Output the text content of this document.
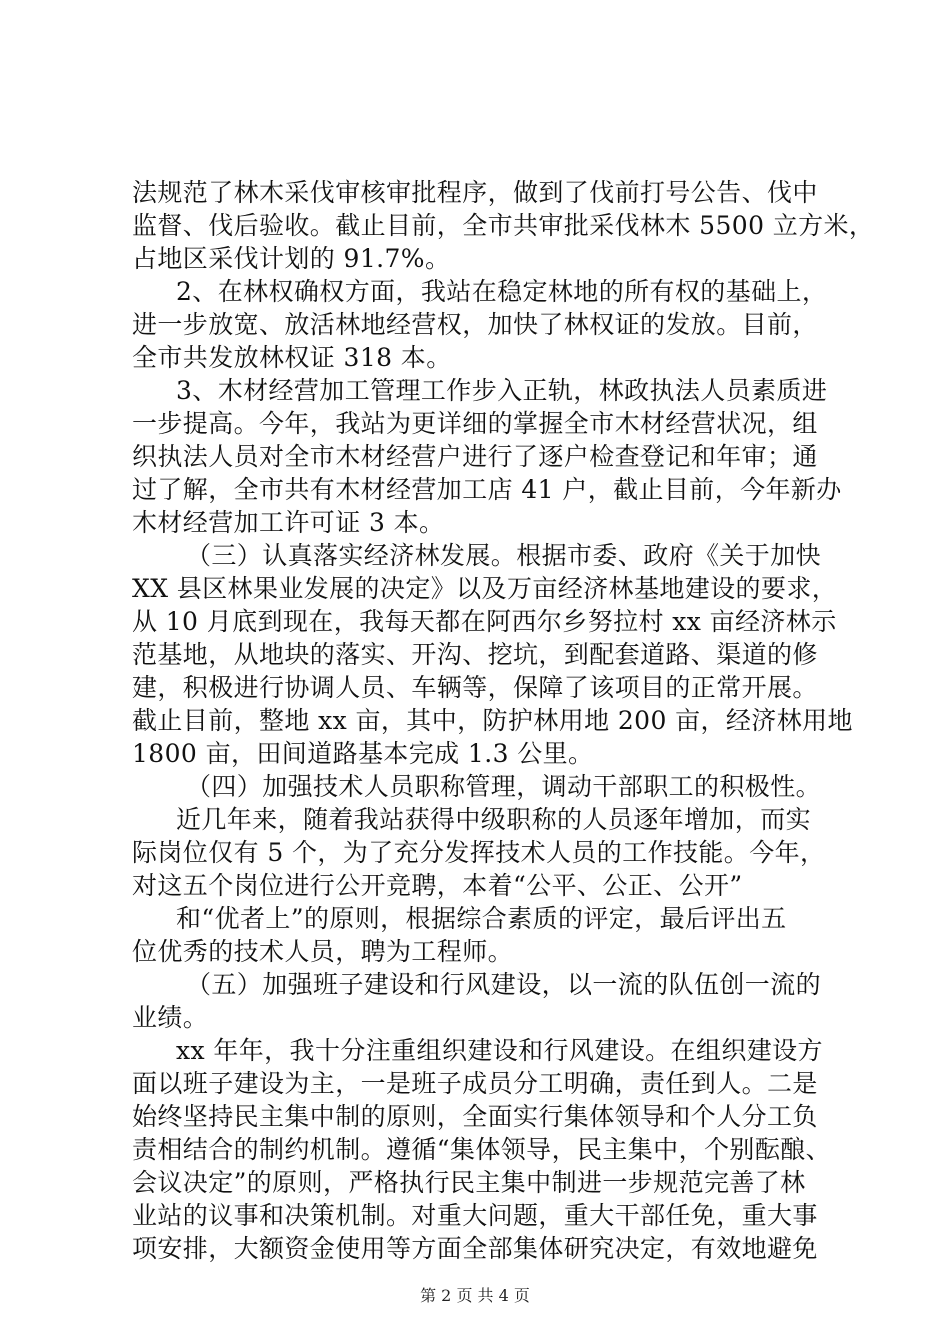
法规范了林木采伐审核审批程序，做到了伐前打号公告、伐中
监督、伐后验收。截止目前，全市共审批采伐林木 5500 立方米，
占地区采伐计划的 91.7%。
2、在林权确权方面，我站在稳定林地的所有权的基础上，
进一步放宽、放活林地经营权，加快了林权证的发放。目前，
全市共发放林权证 318 本。
3、木材经营加工管理工作步入正轨，林政执法人员素质进
一步提高。今年，我站为更详细的掌握全市木材经营状况，组
织执法人员对全市木材经营户进行了逐户检查登记和年审；通
过了解，全市共有木材经营加工店 41 户，截止目前，今年新办
木材经营加工许可证 3 本。
（三）认真落实经济林发展。根据市委、政府《关于加快
XX 县区林果业发展的决定》以及万亩经济林基地建设的要求，
从 10 月底到现在，我每天都在阿西尔乡努拉村 xx 亩经济林示
范基地，从地块的落实、开沟、挖坑，到配套道路、渠道的修
建，积极进行协调人员、车辆等，保障了该项目的正常开展。
截止目前，整地 xx 亩，其中，防护林用地 200 亩，经济林用地
1800 亩，田间道路基本完成 1.3 公里。
（四）加强技术人员职称管理，调动干部职工的积极性。
近几年来，随着我站获得中级职称的人员逐年增加，而实
际岗位仅有 5 个，为了充分发挥技术人员的工作技能。今年，
对这五个岗位进行公开竞聘，本着“公平、公正、公开”
和“优者上”的原则，根据综合素质的评定，最后评出五
位优秀的技术人员，聘为工程师。
（五）加强班子建设和行风建设，以一流的队伍创一流的
业绩。
xx 年年，我十分注重组织建设和行风建设。在组织建设方
面以班子建设为主，一是班子成员分工明确，责任到人。二是
始终坚持民主集中制的原则，全面实行集体领导和个人分工负
责相结合的制约机制。遵循“集体领导，民主集中，个别酝酿、
会议决定”的原则，严格执行民主集中制进一步规范完善了林
业站的议事和决策机制。对重大问题，重大干部任免，重大事
项安排，大额资金使用等方面全部集体研究决定，有效地避免
第 2 页 共 4 页
